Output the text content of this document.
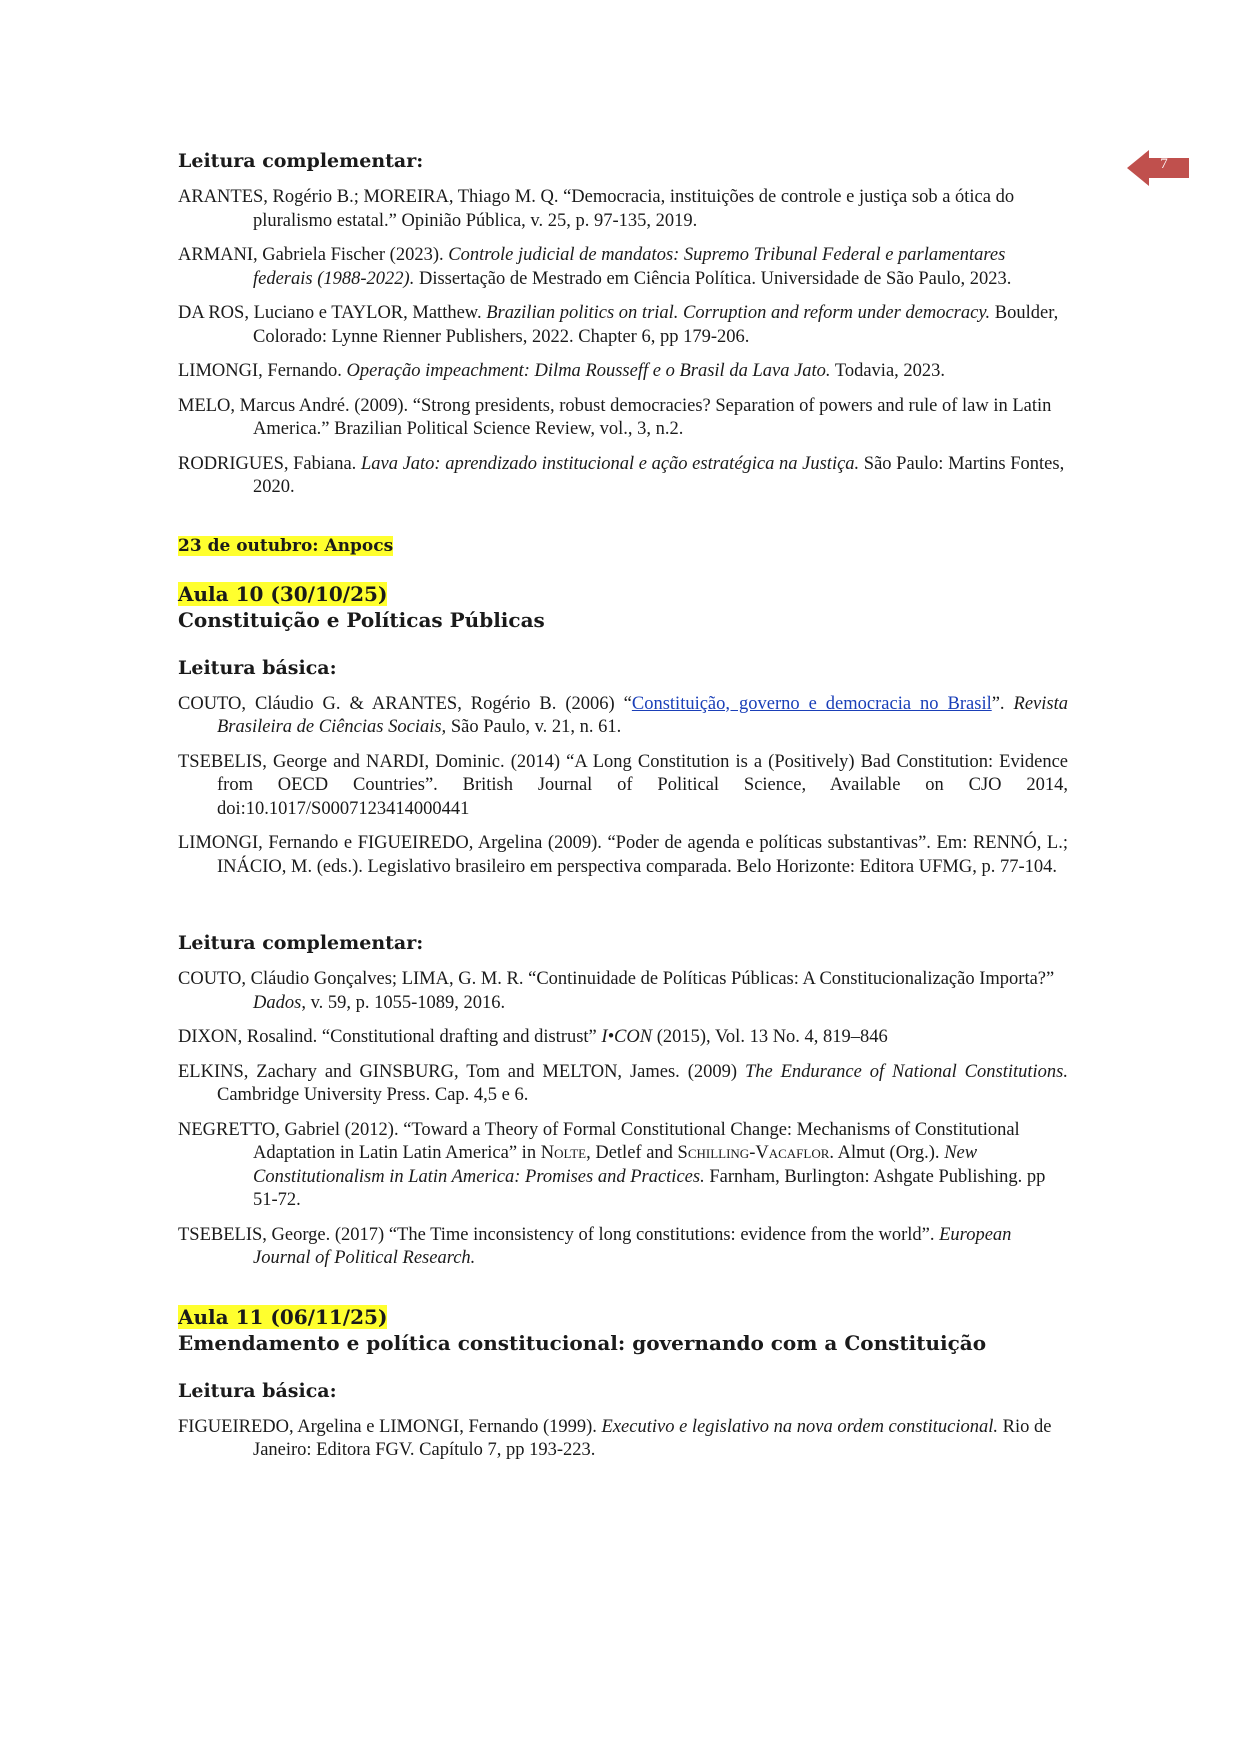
7

Leitura complementar:

ARANTES, Rogério B.; MOREIRA, Thiago M. Q. “Democracia, instituições de controle e justiça sob a ótica do pluralismo estatal.” Opinião Pública, v. 25, p. 97-135, 2019.

ARMANI, Gabriela Fischer (2023). Controle judicial de mandatos: Supremo Tribunal Federal e parlamentares federais (1988-2022). Dissertação de Mestrado em Ciência Política. Universidade de São Paulo, 2023.

DA ROS, Luciano e TAYLOR, Matthew. Brazilian politics on trial. Corruption and reform under democracy. Boulder, Colorado: Lynne Rienner Publishers, 2022. Chapter 6, pp 179-206.

LIMONGI, Fernando. Operação impeachment: Dilma Rousseff e o Brasil da Lava Jato. Todavia, 2023.

MELO, Marcus André. (2009). “Strong presidents, robust democracies? Separation of powers and rule of law in Latin America.” Brazilian Political Science Review, vol., 3, n.2.

RODRIGUES, Fabiana. Lava Jato: aprendizado institucional e ação estratégica na Justiça. São Paulo: Martins Fontes, 2020.

23 de outubro: Anpocs

Aula 10 (30/10/25)

Constituição e Políticas Públicas

Leitura básica:

COUTO, Cláudio G. & ARANTES, Rogério B. (2006) “Constituição, governo e democracia no Brasil”. Revista Brasileira de Ciências Sociais, São Paulo, v. 21, n. 61.

TSEBELIS, George and NARDI, Dominic. (2014) “A Long Constitution is a (Positively) Bad Constitution: Evidence from OECD Countries”. British Journal of Political Science, Available on CJO 2014, doi:10.1017/S0007123414000441

LIMONGI, Fernando e FIGUEIREDO, Argelina (2009). “Poder de agenda e políticas substantivas”. Em: RENNÓ, L.; INÁCIO, M. (eds.). Legislativo brasileiro em perspectiva comparada. Belo Horizonte: Editora UFMG, p. 77-104.

Leitura complementar:

COUTO, Cláudio Gonçalves; LIMA, G. M. R. “Continuidade de Políticas Públicas: A Constitucionalização Importa?” Dados, v. 59, p. 1055-1089, 2016.

DIXON, Rosalind. “Constitutional drafting and distrust” I•CON (2015), Vol. 13 No. 4, 819–846

ELKINS, Zachary and GINSBURG, Tom and MELTON, James. (2009) The Endurance of National Constitutions. Cambridge University Press. Cap. 4,5 e 6.

NEGRETTO, Gabriel (2012). “Toward a Theory of Formal Constitutional Change: Mechanisms of Constitutional Adaptation in Latin Latin America” in Nolte, Detlef and Schilling-Vacaflor. Almut (Org.). New Constitutionalism in Latin America: Promises and Practices. Farnham, Burlington: Ashgate Publishing. pp 51-72.

TSEBELIS, George. (2017) “The Time inconsistency of long constitutions: evidence from the world”. European Journal of Political Research.

Aula 11 (06/11/25)

Emendamento e política constitucional: governando com a Constituição

Leitura básica:

FIGUEIREDO, Argelina e LIMONGI, Fernando (1999). Executivo e legislativo na nova ordem constitucional. Rio de Janeiro: Editora FGV. Capítulo 7, pp 193-223.
